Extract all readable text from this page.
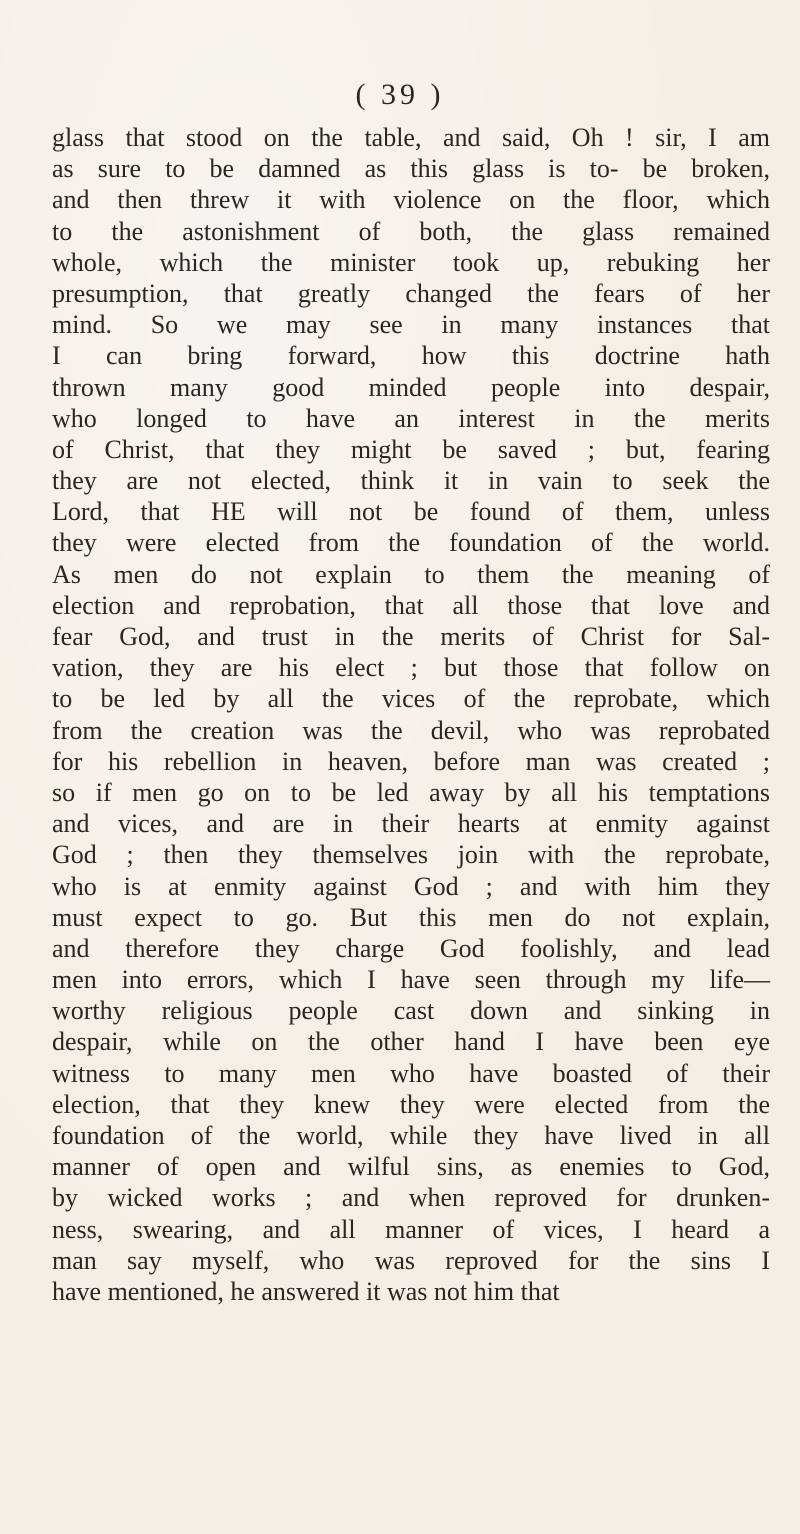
( 39 )
glass that stood on the table, and said, Oh ! sir, I am
as sure to be damned as this glass is to- be broken,
and then threw it with violence on the floor, which
to the astonishment of both, the glass remained
whole, which the minister took up, rebuking her
presumption, that greatly changed the fears of her
mind. So we may see in many instances that
I can bring forward, how this doctrine hath
thrown many good minded people into despair,
who longed to have an interest in the merits
of Christ, that they might be saved ; but, fearing
they are not elected, think it in vain to seek the
Lord, that HE will not be found of them, unless
they were elected from the foundation of the world.
As men do not explain to them the meaning of
election and reprobation, that all those that love and
fear God, and trust in the merits of Christ for Sal-
vation, they are his elect ; but those that follow on
to be led by all the vices of the reprobate, which
from the creation was the devil, who was reprobated
for his rebellion in heaven, before man was created ;
so if men go on to be led away by all his temptations
and vices, and are in their hearts at enmity against
God ; then they themselves join with the reprobate,
who is at enmity against God ; and with him they
must expect to go. But this men do not explain,
and therefore they charge God foolishly, and lead
men into errors, which I have seen through my life—
worthy religious people cast down and sinking in
despair, while on the other hand I have been eye
witness to many men who have boasted of their
election, that they knew they were elected from the
foundation of the world, while they have lived in all
manner of open and wilful sins, as enemies to God,
by wicked works ; and when reproved for drunken-
ness, swearing, and all manner of vices, I heard a
man say myself, who was reproved for the sins I
have mentioned, he answered it was not him that
